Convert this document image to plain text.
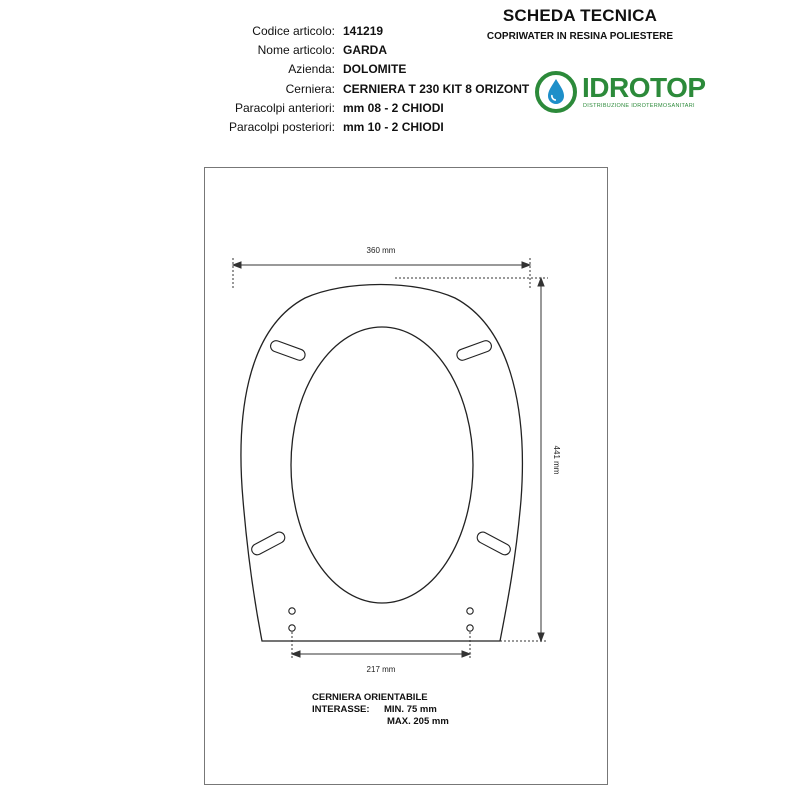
SCHEDA TECNICA
COPRIWATER IN RESINA POLIESTERE
Codice articolo: 141219
Nome articolo: GARDA
Azienda: DOLOMITE
Cerniera: CERNIERA T 230 KIT 8 ORIZONT
Paracolpi anteriori: mm 08 - 2 CHIODI
Paracolpi posteriori: mm 10 - 2 CHIODI
IDROTOP
DISTRIBUZIONE IDROTERMOSANITARI
360 mm
441 mm
217 mm
CERNIERA ORIENTABILE
INTERASSE: MIN. 75 mm
MAX. 205 mm
